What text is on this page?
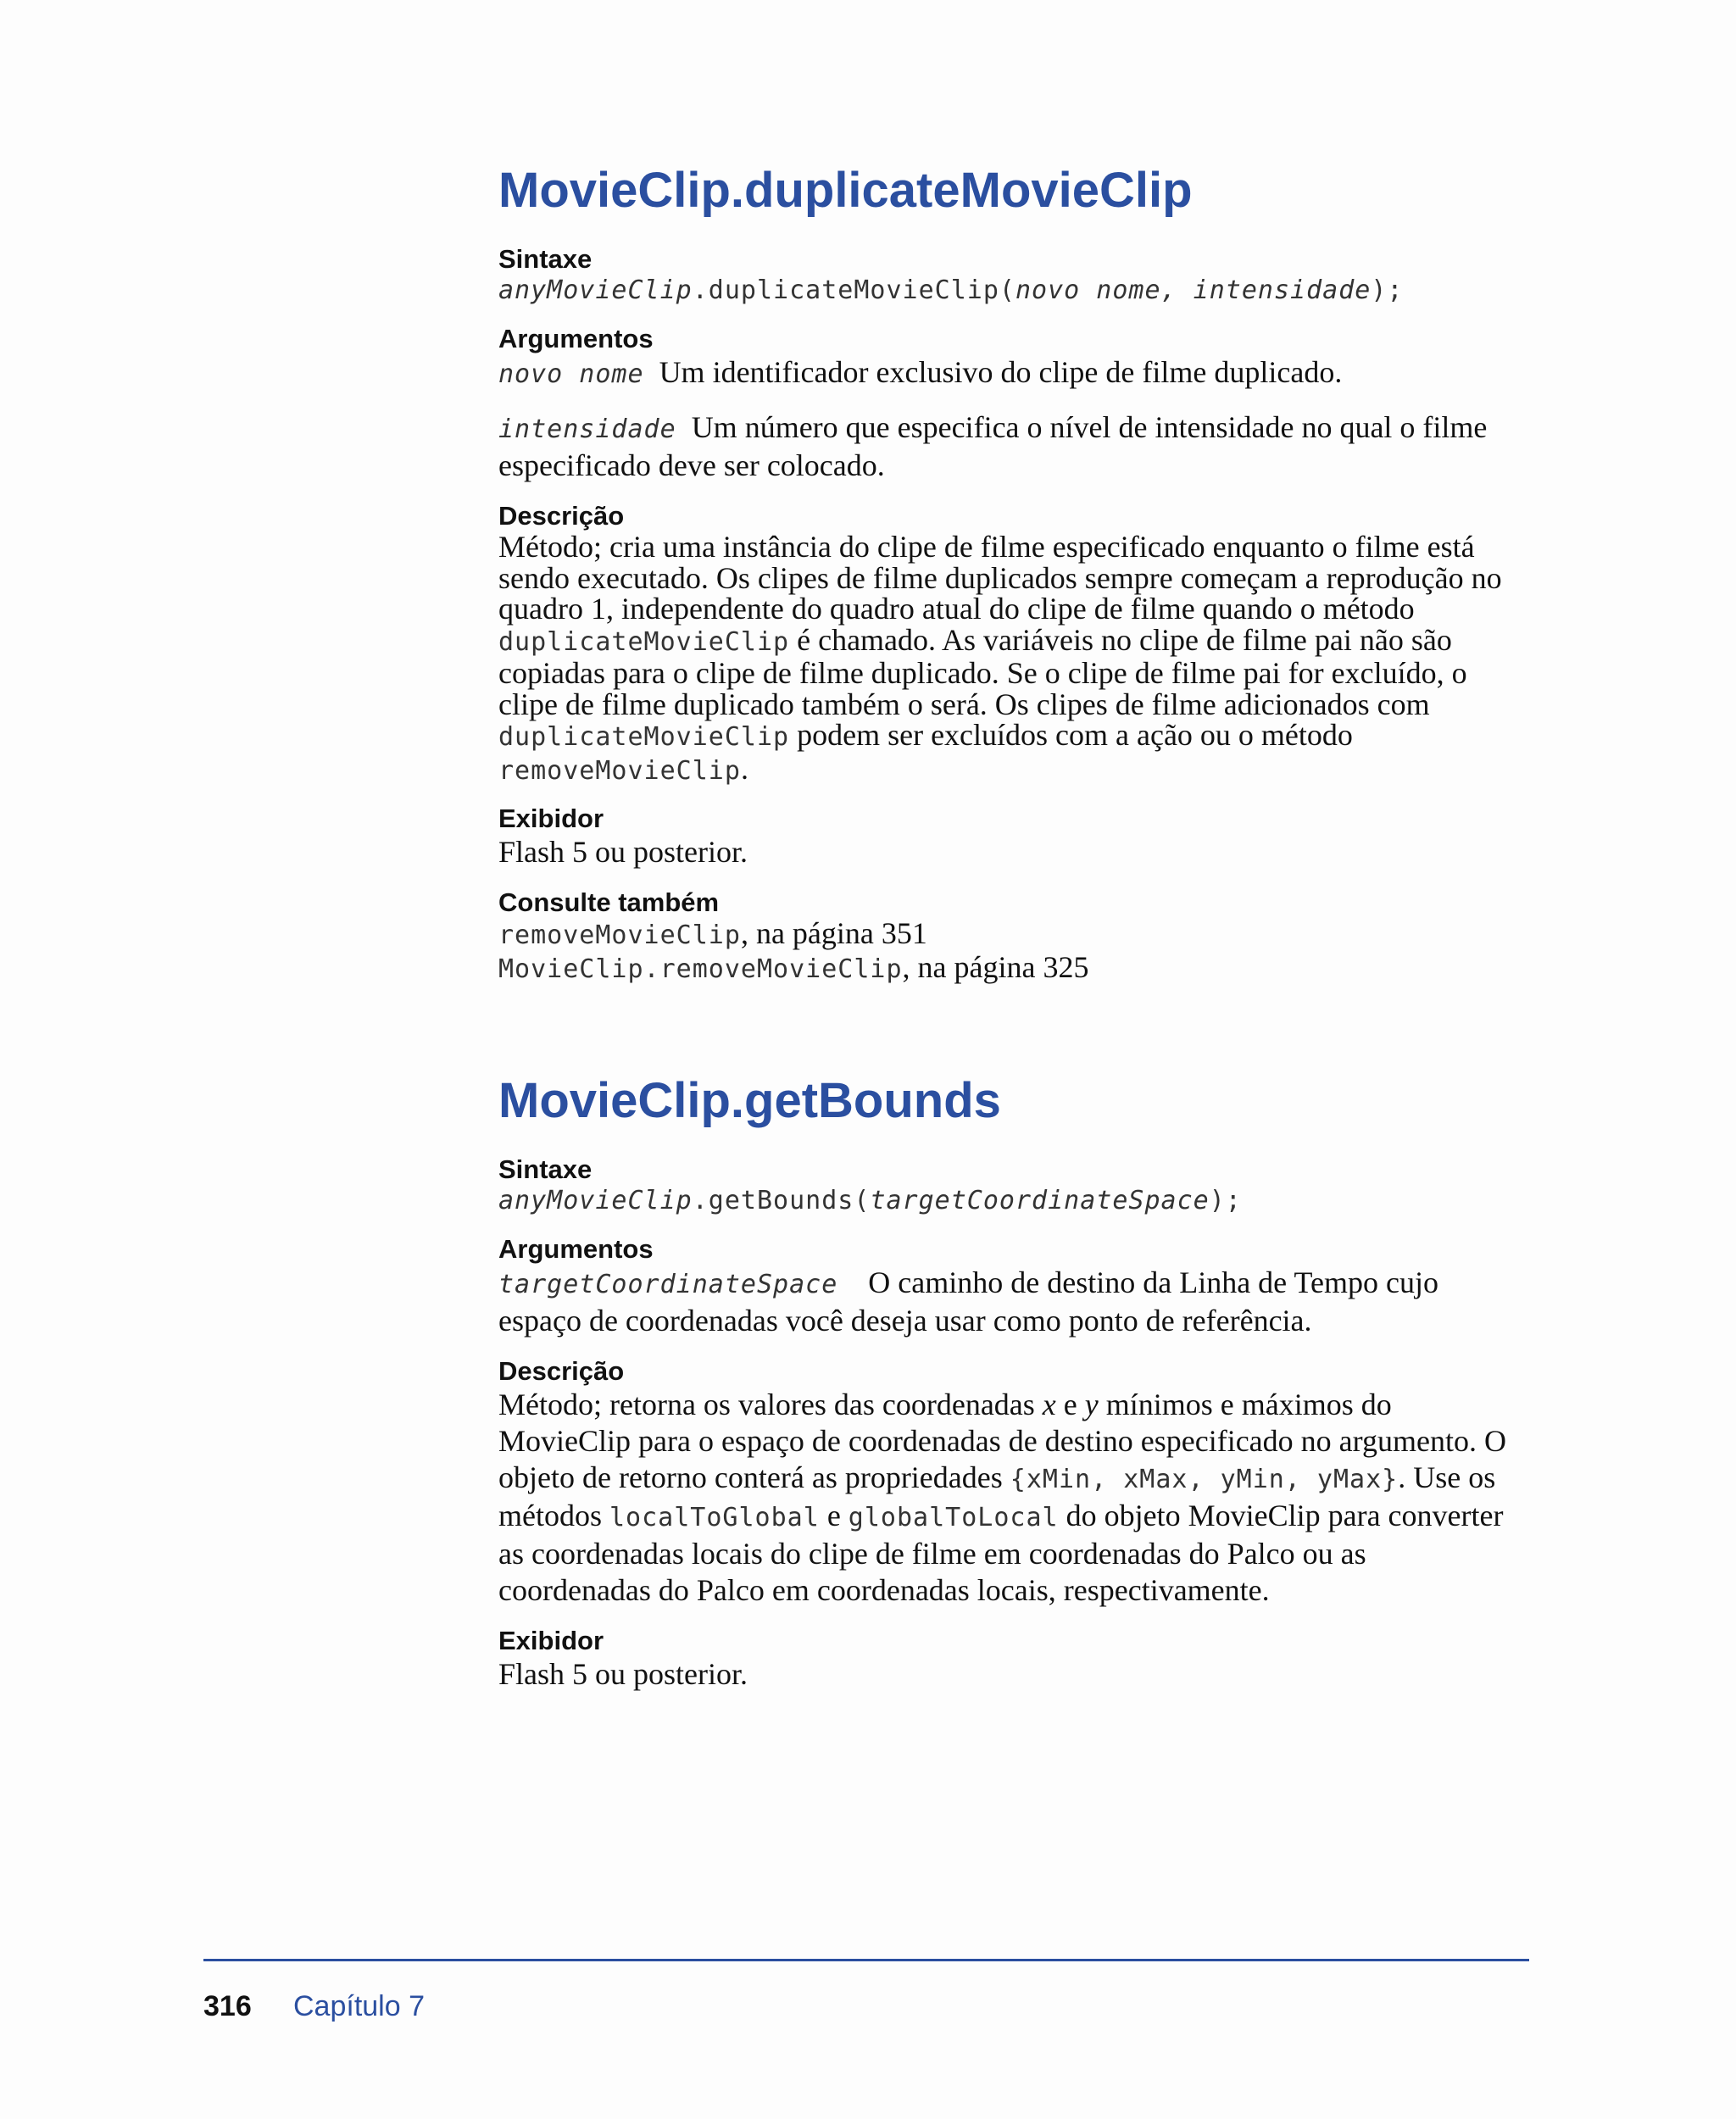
MovieClip.duplicateMovieClip
Sintaxe

anyMovieClip.duplicateMovieClip(novo nome, intensidade);

Argumentos

novo nome Um identificador exclusivo do clipe de filme duplicado.

intensidade Um número que especifica o nível de intensidade no qual o filme especificado deve ser colocado.

Descrição

Método; cria uma instância do clipe de filme especificado enquanto o filme está sendo executado. Os clipes de filme duplicados sempre começam a reprodução no quadro 1, independente do quadro atual do clipe de filme quando o método duplicateMovieClip é chamado. As variáveis no clipe de filme pai não são copiadas para o clipe de filme duplicado. Se o clipe de filme pai for excluído, o clipe de filme duplicado também o será. Os clipes de filme adicionados com duplicateMovieClip podem ser excluídos com a ação ou o método removeMovieClip.

Exibidor

Flash 5 ou posterior.

Consulte também

removeMovieClip, na página 351

MovieClip.removeMovieClip, na página 325

MovieClip.getBounds
Sintaxe

anyMovieClip.getBounds(targetCoordinateSpace);

Argumentos

targetCoordinateSpace O caminho de destino da Linha de Tempo cujo espaço de coordenadas você deseja usar como ponto de referência.

Descrição

Método; retorna os valores das coordenadas x e y mínimos e máximos do MovieClip para o espaço de coordenadas de destino especificado no argumento. O objeto de retorno conterá as propriedades {xMin, xMax, yMin, yMax}. Use os métodos localToGlobal e globalToLocal do objeto MovieClip para converter as coordenadas locais do clipe de filme em coordenadas do Palco ou as coordenadas do Palco em coordenadas locais, respectivamente.

Exibidor

Flash 5 ou posterior.

316 Capítulo 7
